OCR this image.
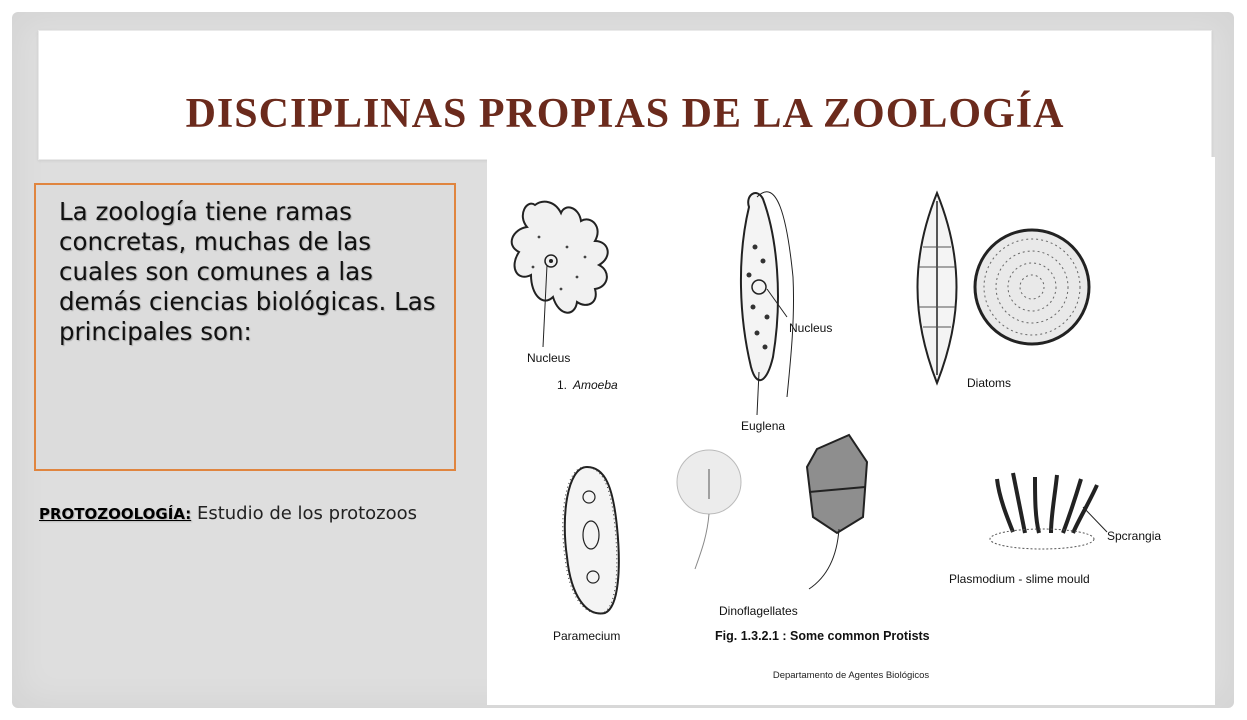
DISCIPLINAS PROPIAS DE LA ZOOLOGÍA

La zoología tiene ramas concretas, muchas de las cuales son comunes a las demás ciencias biológicas. Las principales son:

PROTOZOOLOGÍA: Estudio de los protozoos
Nucleus
1. Amoeba
Nucleus
Euglena
Diatoms
Paramecium
Dinoflagellates
Spcrangia
Plasmodium - slime mould
Fig. 1.3.2.1 : Some common Protists
Departamento de Agentes Biológicos
